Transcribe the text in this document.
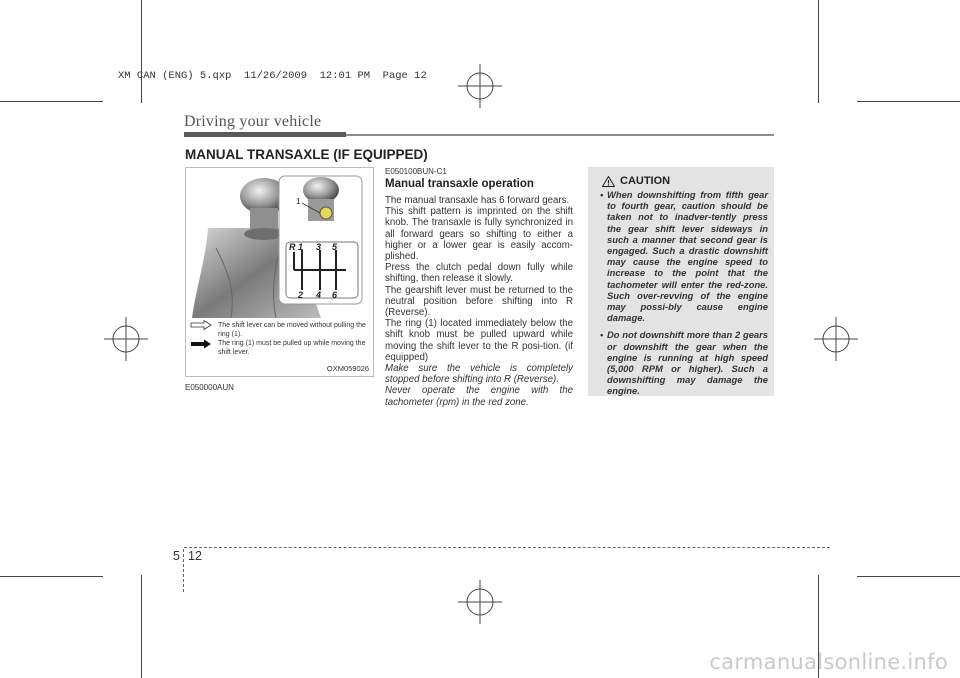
XM CAN (ENG) 5.qxp  11/26/2009  12:01 PM  Page 12
Driving your vehicle
MANUAL TRANSAXLE (IF EQUIPPED)
1
R 1 3 5
2 4 6
OXM059026
The shift lever can be moved without pulling the ring (1).
The ring (1) must be pulled up while moving the shift lever.
E050000AUN
E050100BUN-C1
Manual transaxle operation

The manual transaxle has 6 forward gears.

This shift pattern is imprinted on the shift knob. The transaxle is fully synchronized in all forward gears so shifting to either a higher or a lower gear is easily accom-plished.

Press the clutch pedal down fully while shifting, then release it slowly.

The gearshift lever must be returned to the neutral position before shifting into R (Reverse).

The ring (1) located immediately below the shift knob must be pulled upward while moving the shift lever to the R posi-tion. (if equipped)

Make sure the vehicle is completely stopped before shifting into R (Reverse).

Never operate the engine with the tachometer (rpm) in the red zone.

CAUTION
• When downshifting from fifth gear to fourth gear, caution should be taken not to inadver-tently press the gear shift lever sideways in such a manner that second gear is engaged. Such a drastic downshift may cause the engine speed to increase to the point that the tachometer will enter the red-zone. Such over-revving of the engine may possi-bly cause engine damage.
• Do not downshift more than 2 gears or downshift the gear when the engine is running at high speed (5,000 RPM or higher). Such a downshifting may damage the engine.
5 12
carmanualsonline.info
